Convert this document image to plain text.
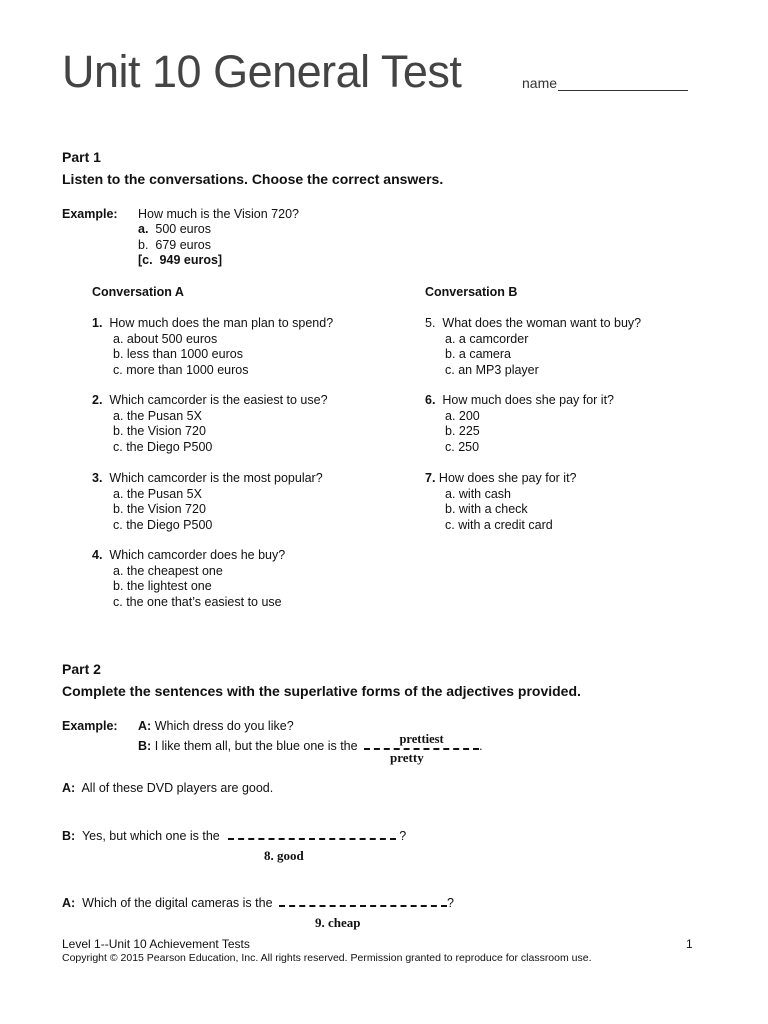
Unit 10 General Test	name
Part 1
Listen to the conversations. Choose the correct answers.
Example: How much is the Vision 720?
a. 500 euros
b. 679 euros
[c. 949 euros]
Conversation A
1. How much does the man plan to spend?
a. about 500 euros
b. less than 1000 euros
c. more than 1000 euros
2. Which camcorder is the easiest to use?
a. the Pusan 5X
b. the Vision 720
c. the Diego P500
3. Which camcorder is the most popular?
a. the Pusan 5X
b. the Vision 720
c. the Diego P500
4. Which camcorder does he buy?
a. the cheapest one
b. the lightest one
c. the one that’s easiest to use
Conversation B
5. What does the woman want to buy?
a. a camcorder
b. a camera
c. an MP3 player
6. How much does she pay for it?
a. 200
b. 225
c. 250
7. How does she pay for it?
a. with cash
b. with a check
c. with a credit card
Part 2
Complete the sentences with the superlative forms of the adjectives provided.
Example: A: Which dress do you like?
B: I like them all, but the blue one is the	prettiest	.
pretty
A: All of these DVD players are good.
B: Yes, but which one is the	?
8. good
A: Which of the digital cameras is the	?
9. cheap
Level 1--Unit 10 Achievement Tests	1
Copyright © 2015 Pearson Education, Inc. All rights reserved. Permission granted to reproduce for classroom use.
